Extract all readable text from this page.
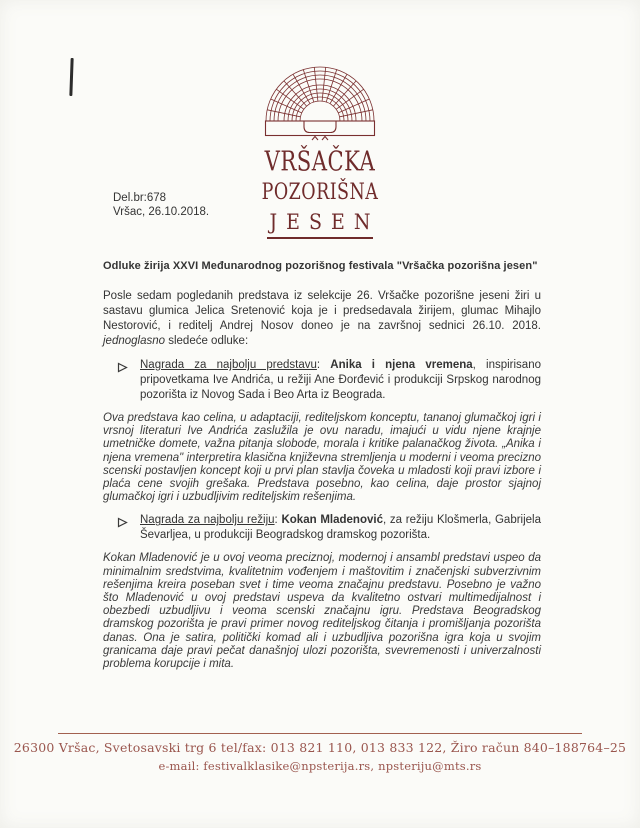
VRŠAČKA
POZORIŠNA
JESEN
Del.br:678
Vršac, 26.10.2018.

Odluke žirija XXVI Međunarodnog pozorišnog festivala "Vršačka pozorišna jesen"

Posle sedam pogledanih predstava iz selekcije 26. Vršačke pozorišne jeseni žiri u sastavu glumica Jelica Sretenović koja je i predsedavala žirijem, glumac Mihajlo Nestorović, i reditelj Andrej Nosov doneo je na završnoj sednici 26.10. 2018. jednoglasno sledeće odluke:

Nagrada za najbolju predstavu: Anika i njena vremena, inspirisano pripovetkama Ive Andrića, u režiji Ane Đorđević i produkciji Srpskog narodnog pozorišta iz Novog Sada i Beo Arta iz Beograda.

Ova predstava kao celina, u adaptaciji, rediteljskom konceptu, tananoj glumačkoj igri i vrsnoj literaturi Ive Andrića zaslužila je ovu naradu, imajući u vidu njene krajnje umetničke domete, važna pitanja slobode, morala i kritike palanačkog života. „Anika i njena vremena" interpretira klasična književna stremljenja u moderni i veoma precizno scenski postavljen koncept koji u prvi plan stavlja čoveka u mladosti koji pravi izbore i plaća cene svojih grešaka. Predstava posebno, kao celina, daje prostor sjajnoj glumačkoj igri i uzbudljivim rediteljskim rešenjima.

Nagrada za najbolju režiju: Kokan Mladenović, za režiju Klošmerla, Gabrijela Ševarljea, u produkciji Beogradskog dramskog pozorišta.

Kokan Mladenović je u ovoj veoma preciznoj, modernoj i ansambl predstavi uspeo da minimalnim sredstvima, kvalitetnim vođenjem i maštovitim i značenjski subverzivnim rešenjima kreira poseban svet i time veoma značajnu predstavu. Posebno je važno što Mladenović u ovoj predstavi uspeva da kvalitetno ostvari multimedijalnost i obezbedi uzbudljivu i veoma scenski značajnu igru. Predstava Beogradskog dramskog pozorišta je pravi primer novog rediteljskog čitanja i promišljanja pozorišta danas. Ona je satira, politički komad ali i uzbudljiva pozorišna igra koja u svojim granicama daje pravi pečat današnjoj ulozi pozorišta, svevremenosti i univerzalnosti problema korupcije i mita.

26300 Vršac, Svetosavski trg 6 tel/fax: 013 821 110, 013 833 122, Žiro račun 840–188764–25
e-mail: festivalklasike@npsterija.rs, npsteriju@mts.rs
